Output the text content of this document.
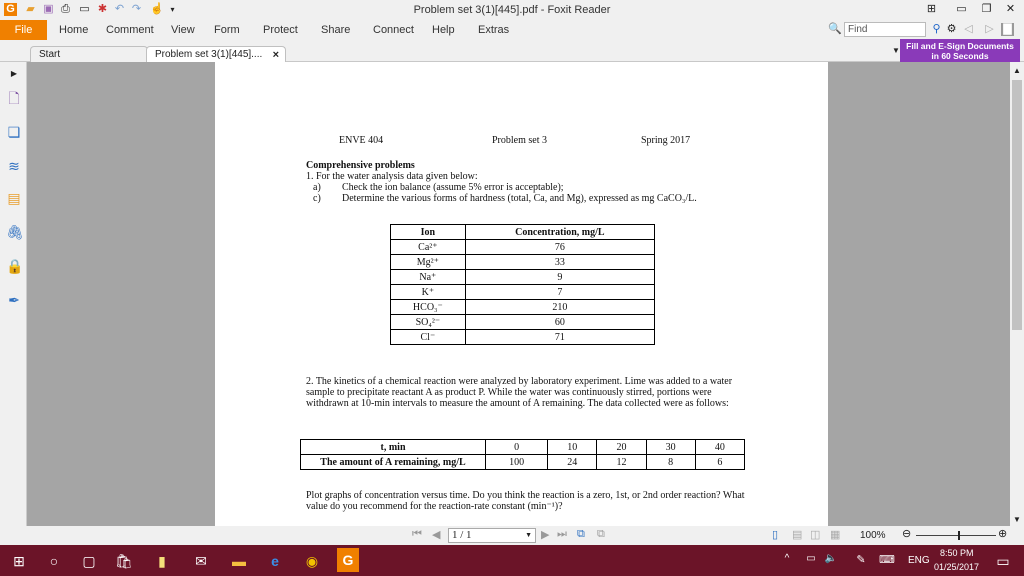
G ▰ ▣ ⎙ ▭ ✱ ↶ ↷ ☝ ▾	Problem set 3(1)[445].pdf - Foxit Reader	⊞ ▭ ❐ ✕
File	Home Comment View Form Protect Share Connect Help Extras	🔍 Find	⚲ ⚙ ◁ ▷ ▇
Start	Problem set 3(1)[445].... ×	▼ Fill and E-Sign Documents
in 60 Seconds
▶
🗋
❏
≋
▤
🖇
🔒
✒
ENVE 404	Problem set 3	Spring 2017
Comprehensive problems
1. For the water analysis data given below:
a) Check the ion balance (assume 5% error is acceptable);
c) Determine the various forms of hardness (total, Ca, and Mg), expressed as mg CaCO₃/L.
Ion	Concentration, mg/L
Ca²⁺	76
Mg²⁺	33
Na⁺	9
K⁺	7
HCO₃⁻	210
SO₄²⁻	60
Cl⁻	71
2. The kinetics of a chemical reaction were analyzed by laboratory experiment. Lime was added to a water sample to precipitate reactant A as product P. While the water was continuously stirred, portions were withdrawn at 10-min intervals to measure the amount of A remaining. The data collected were as follows:
t, min	0	10	20	30	40
The amount of A remaining, mg/L	100	24	12	8	6
Plot graphs of concentration versus time. Do you think the reaction is a zero, 1st, or 2nd order reaction? What value do you recommend for the reaction-rate constant (min⁻¹)?
▲
▼
⏮ ◀	1 / 1	▼ ▶ ⏭ ⧉ ⧉	▯ ▤ ◫ ▦ 100% ⊖	⊕
⊞	○	▢ 🛍	▮	✉ ▬	e	◉	G	^	▭ 🔈	✎	⌨ ENG
8:50 PM
01/25/2017 ▭
